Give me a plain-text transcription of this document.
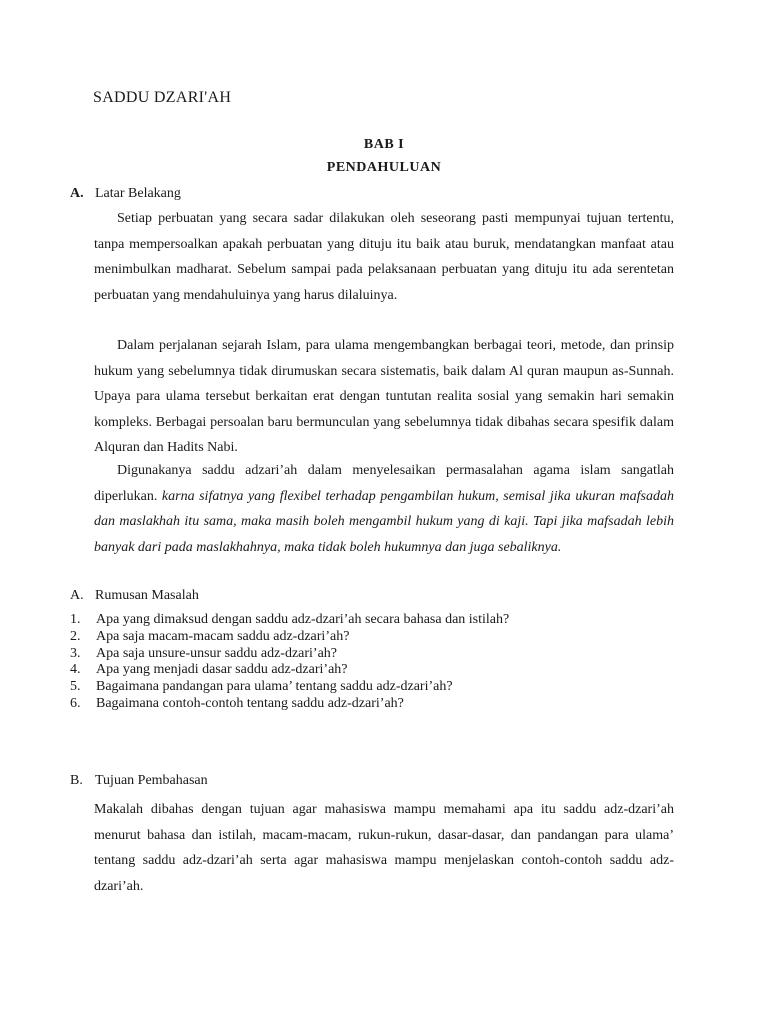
SADDU DZARI'AH
BAB I
PENDAHULUAN
A. Latar Belakang
Setiap perbuatan yang secara sadar dilakukan oleh seseorang pasti mempunyai tujuan tertentu, tanpa mempersoalkan apakah perbuatan yang dituju itu baik atau buruk, mendatangkan manfaat atau menimbulkan madharat. Sebelum sampai pada pelaksanaan perbuatan yang dituju itu ada serentetan perbuatan yang mendahuluinya yang harus dilaluinya.
Dalam perjalanan sejarah Islam, para ulama mengembangkan berbagai teori, metode, dan prinsip hukum yang sebelumnya tidak dirumuskan secara sistematis, baik dalam Al quran maupun as-Sunnah. Upaya para ulama tersebut berkaitan erat dengan tuntutan realita sosial yang semakin hari semakin kompleks. Berbagai persoalan baru bermunculan yang sebelumnya tidak dibahas secara spesifik dalam Alquran dan Hadits Nabi.
Digunakanya saddu adzari’ah dalam menyelesaikan permasalahan agama islam sangatlah diperlukan. karna sifatnya yang flexibel terhadap pengambilan hukum, semisal jika ukuran mafsadah dan maslakhah itu sama, maka masih boleh mengambil hukum yang di kaji. Tapi jika mafsadah lebih banyak dari pada maslakhahnya, maka tidak boleh hukumnya dan juga sebaliknya.
A. Rumusan Masalah
1.	Apa yang dimaksud dengan saddu adz-dzari’ah secara bahasa dan istilah?
2.	Apa saja macam-macam saddu adz-dzari’ah?
3.	Apa saja unsure-unsur saddu adz-dzari’ah?
4.	Apa yang menjadi dasar saddu adz-dzari’ah?
5.	Bagaimana pandangan para ulama’ tentang saddu adz-dzari’ah?
6.	Bagaimana contoh-contoh tentang saddu adz-dzari’ah?
B. Tujuan Pembahasan
Makalah dibahas dengan tujuan agar mahasiswa mampu memahami apa itu saddu adz-dzari’ah menurut bahasa dan istilah, macam-macam, rukun-rukun, dasar-dasar, dan pandangan para ulama’ tentang saddu adz-dzari’ah serta agar mahasiswa mampu menjelaskan contoh-contoh saddu adz-dzari’ah.
